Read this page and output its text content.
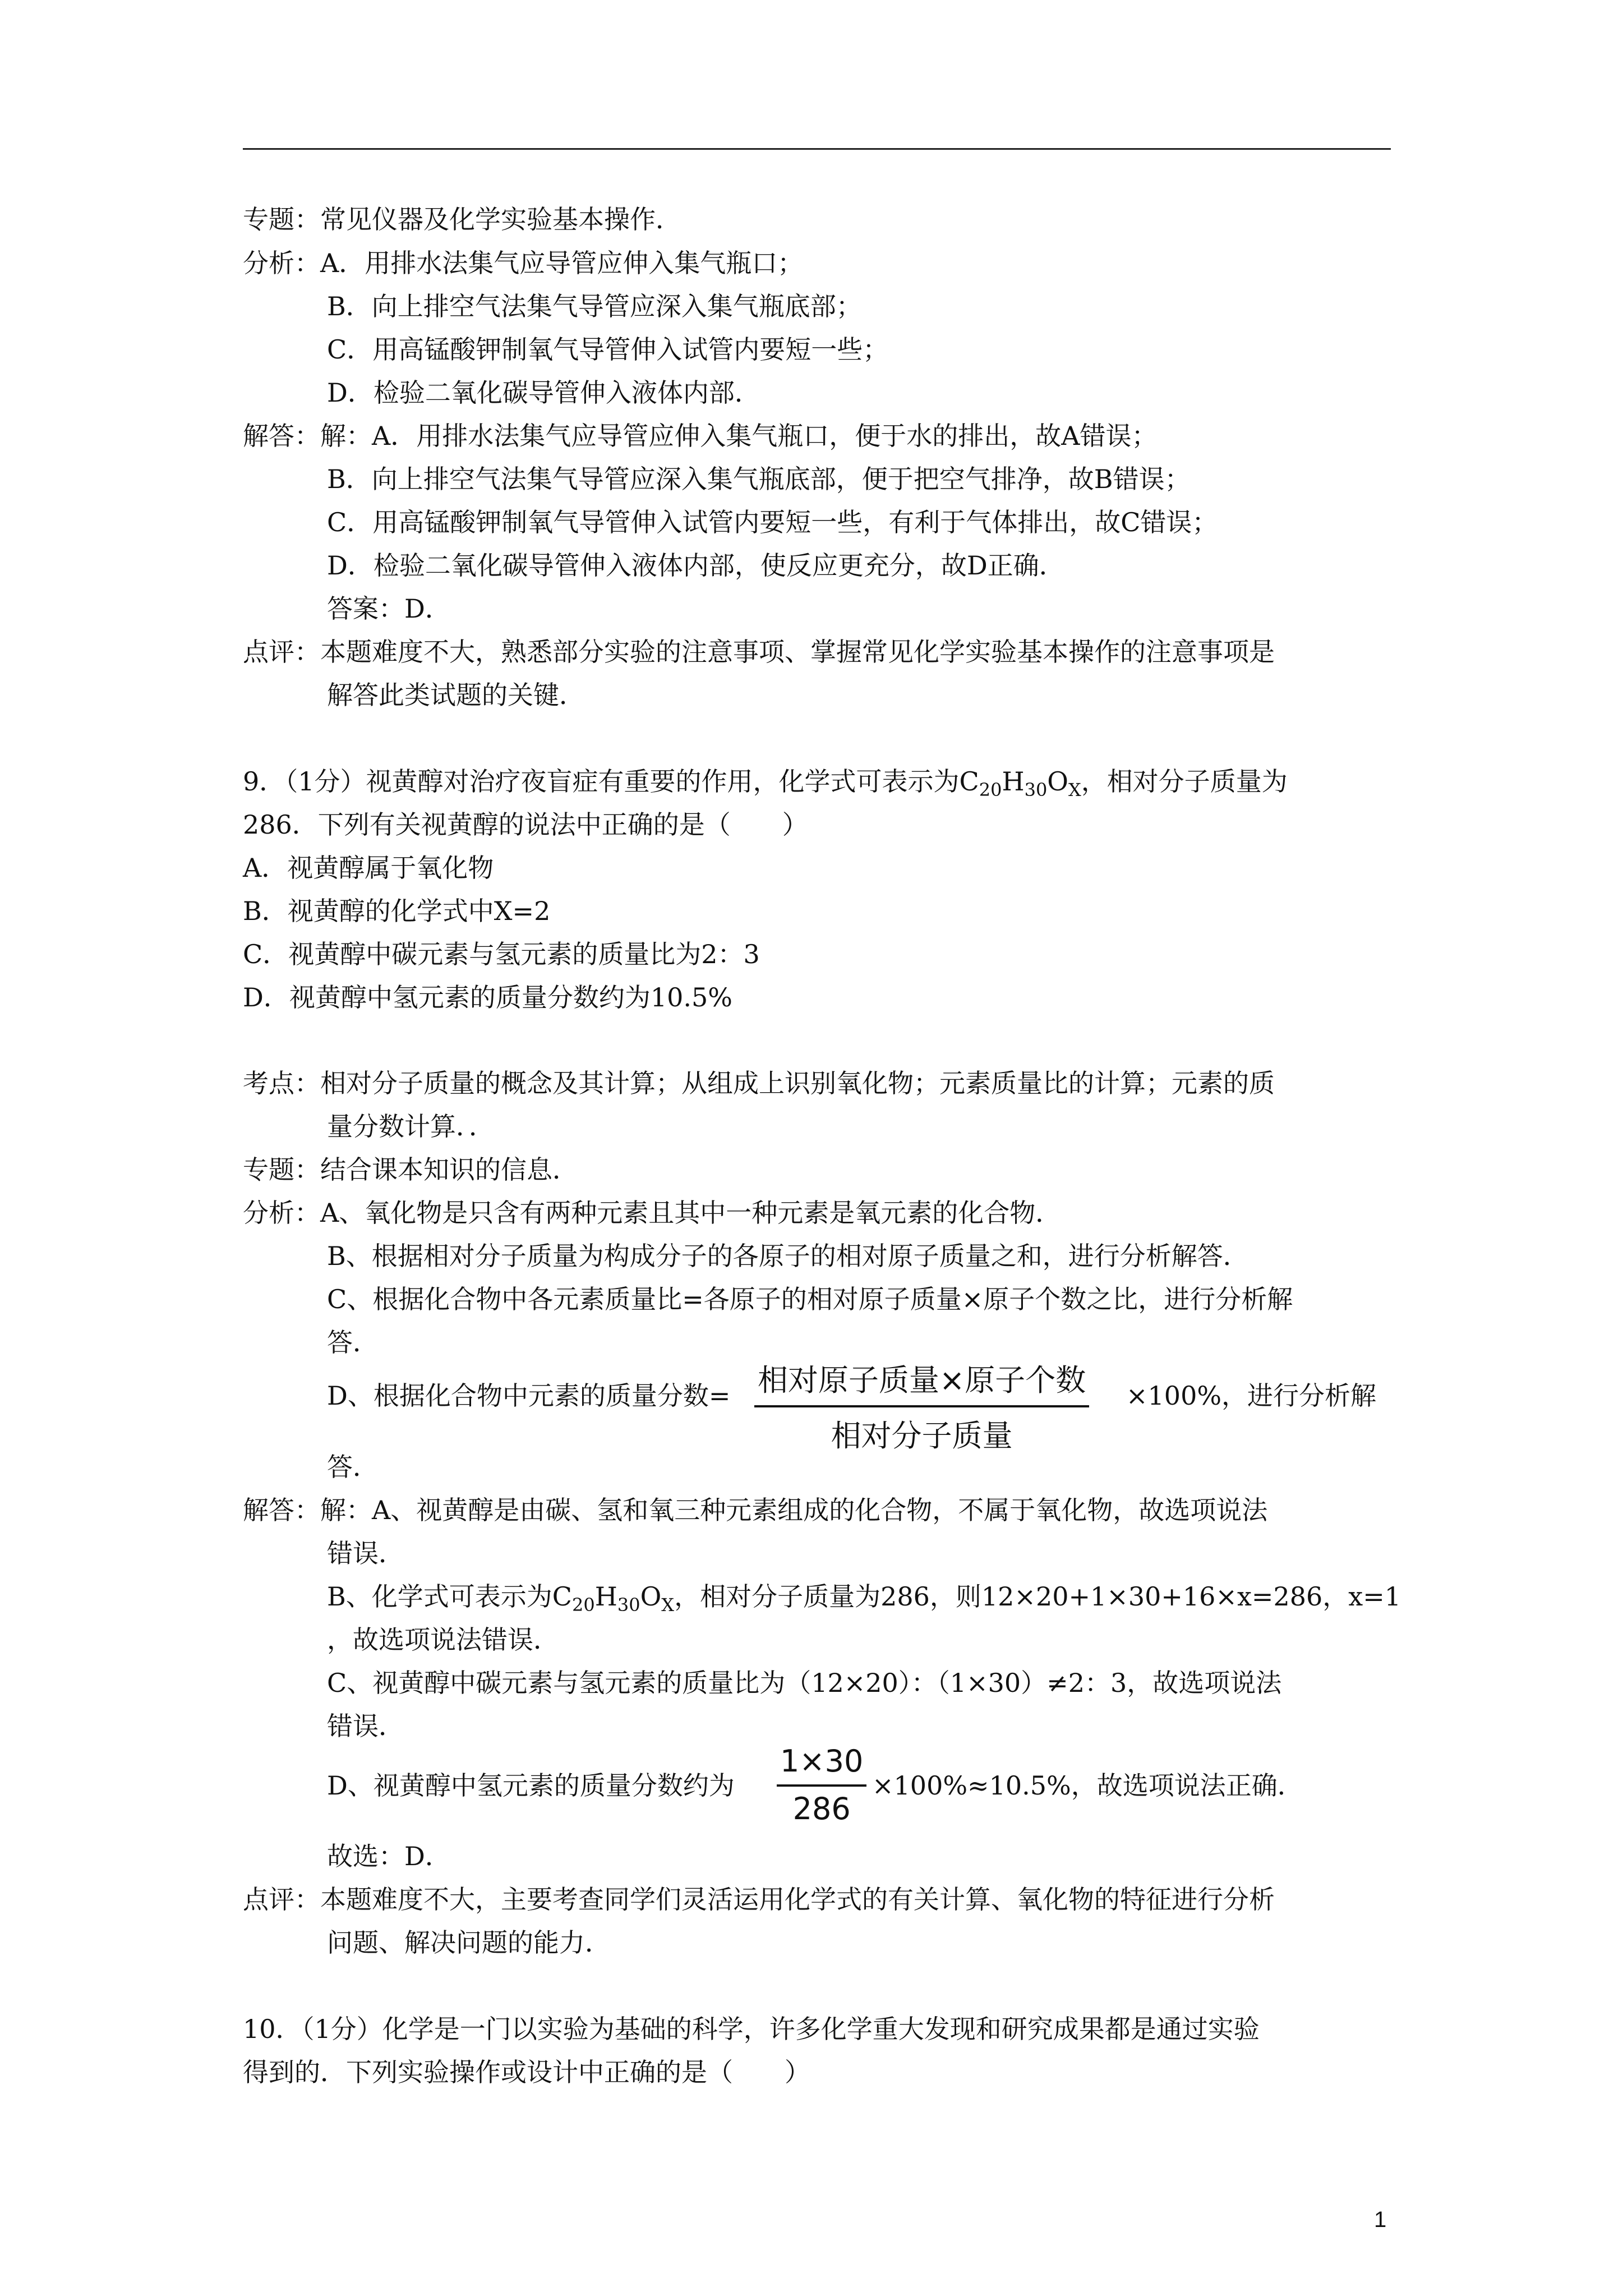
专题：常见仪器及化学实验基本操作．
分析：A．用排水法集气应导管应伸入集气瓶口；
B．向上排空气法集气导管应深入集气瓶底部；
C．用高锰酸钾制氧气导管伸入试管内要短一些；
D．检验二氧化碳导管伸入液体内部．
解答：解：A．用排水法集气应导管应伸入集气瓶口，便于水的排出，故A错误；
B．向上排空气法集气导管应深入集气瓶底部，便于把空气排净，故B错误；
C．用高锰酸钾制氧气导管伸入试管内要短一些，有利于气体排出，故C错误；
D．检验二氧化碳导管伸入液体内部，使反应更充分，故D正确．
答案：D．
点评：本题难度不大，熟悉部分实验的注意事项、掌握常见化学实验基本操作的注意事项是
解答此类试题的关键．
9．（1分）视黄醇对治疗夜盲症有重要的作用，化学式可表示为$C_{20}H_{30}O_X$，相对分子质量为
286．下列有关视黄醇的说法中正确的是（　　）
A．视黄醇属于氧化物
B．视黄醇的化学式中X=2
C．视黄醇中碳元素与氢元素的质量比为2：3
D．视黄醇中氢元素的质量分数约为10.5%
考点：相对分子质量的概念及其计算；从组成上识别氧化物；元素质量比的计算；元素的质
量分数计算．．
专题：结合课本知识的信息．
分析：A、氧化物是只含有两种元素且其中一种元素是氧元素的化合物．
B、根据相对分子质量为构成分子的各原子的相对原子质量之和，进行分析解答．
C、根据化合物中各元素质量比=各原子的相对原子质量×原子个数之比，进行分析解
答．
D、根据化合物中元素的质量分数= 相对原子质量×原子个数
相对分子质量
×100%，进行分析解
答．
解答：解：A、视黄醇是由碳、氢和氧三种元素组成的化合物，不属于氧化物，故选项说法
错误．
B、化学式可表示为$C_{20}H_{30}O_X$，相对分子质量为286，则12×20+1×30+16×x=286，x=1
，故选项说法错误．
C、视黄醇中碳元素与氢元素的质量比为（12×20）：（1×30）≠2：3，故选项说法
错误．
D、视黄醇中氢元素的质量分数约为
1×30
286
×100%≈10.5%，故选项说法正确．
故选：D．
点评：本题难度不大，主要考查同学们灵活运用化学式的有关计算、氧化物的特征进行分析
问题、解决问题的能力．
10．（1分）化学是一门以实验为基础的科学，许多化学重大发现和研究成果都是通过实验
得到的．下列实验操作或设计中正确的是（　　）
1
